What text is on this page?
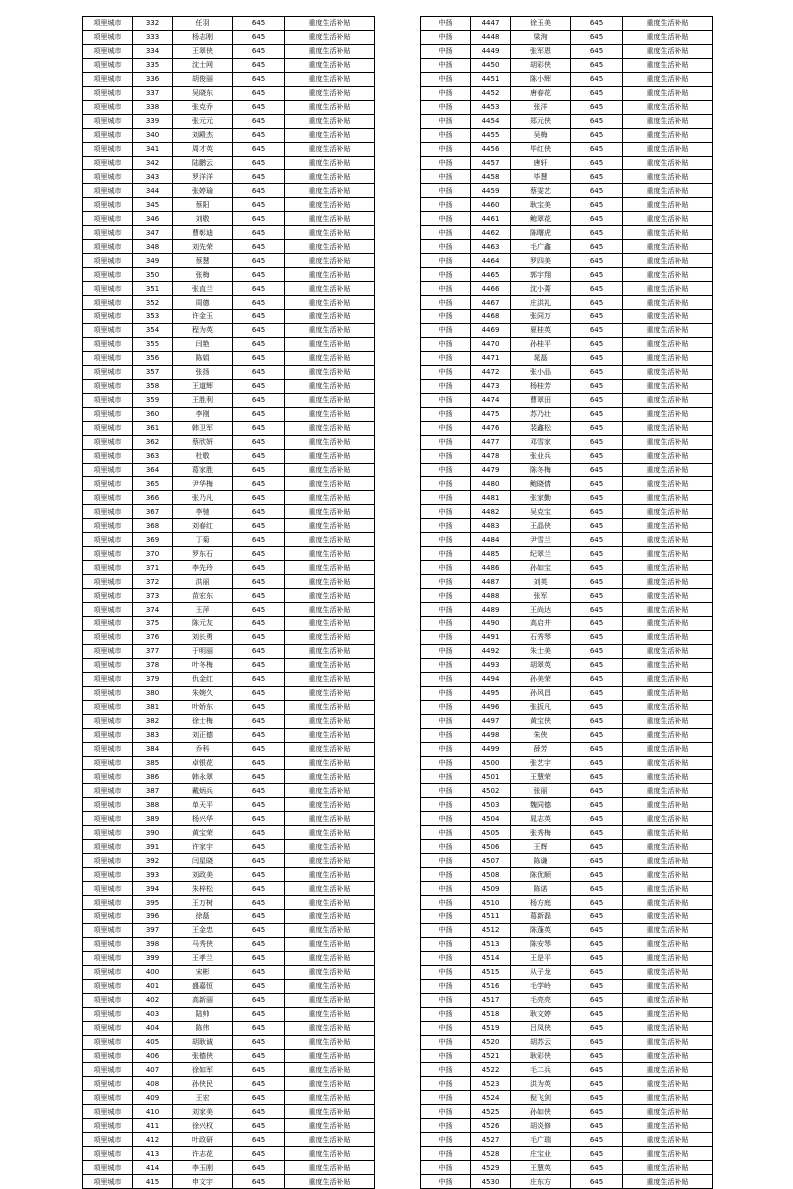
项里城市	332	任羽	645	重度生活补贴
项里城市	333	杨志刚	645	重度生活补贴
项里城市	334	王翠侠	645	重度生活补贴
项里城市	335	沈士网	645	重度生活补贴
项里城市	336	胡俊丽	645	重度生活补贴
项里城市	337	吴晓东	645	重度生活补贴
项里城市	338	张克乔	645	重度生活补贴
项里城市	339	张元元	645	重度生活补贴
项里城市	340	刘殿杰	645	重度生活补贴
项里城市	341	周才英	645	重度生活补贴
项里城市	342	陆鹏云	645	重度生活补贴
项里城市	343	罗洋洋	645	重度生活补贴
项里城市	344	张婷瑜	645	重度生活补贴
项里城市	345	蔡阳	645	重度生活补贴
项里城市	346	刘敬	645	重度生活补贴
项里城市	347	曹彰迪	645	重度生活补贴
项里城市	348	刘先荣	645	重度生活补贴
项里城市	349	蔡慧	645	重度生活补贴
项里城市	350	张梅	645	重度生活补贴
项里城市	351	张直兰	645	重度生活补贴
项里城市	352	周德	645	重度生活补贴
项里城市	353	许金玉	645	重度生活补贴
项里城市	354	程为英	645	重度生活补贴
项里城市	355	闫艳	645	重度生活补贴
项里城市	356	陈娟	645	重度生活补贴
项里城市	357	张扬	645	重度生活补贴
项里城市	358	王道辉	645	重度生活补贴
项里城市	359	王胜利	645	重度生活补贴
项里城市	360	李刚	645	重度生活补贴
项里城市	361	韩卫军	645	重度生活补贴
项里城市	362	蔡欣妍	645	重度生活补贴
项里城市	363	杜敬	645	重度生活补贴
项里城市	364	葛家胜	645	重度生活补贴
项里城市	365	尹华梅	645	重度生活补贴
项里城市	366	张乃凡	645	重度生活补贴
项里城市	367	李驰	645	重度生活补贴
项里城市	368	刘春红	645	重度生活补贴
项里城市	369	丁菊	645	重度生活补贴
项里城市	370	罗东石	645	重度生活补贴
项里城市	371	李先玲	645	重度生活补贴
项里城市	372	洪丽	645	重度生活补贴
项里城市	373	苗宏东	645	重度生活补贴
项里城市	374	王萍	645	重度生活补贴
项里城市	375	陈元友	645	重度生活补贴
项里城市	376	刘长勇	645	重度生活补贴
项里城市	377	于明丽	645	重度生活补贴
项里城市	378	叶冬梅	645	重度生活补贴
项里城市	379	仇金红	645	重度生活补贴
项里城市	380	朱婉久	645	重度生活补贴
项里城市	381	叶娇东	645	重度生活补贴
项里城市	382	徐士梅	645	重度生活补贴
项里城市	383	刘正德	645	重度生活补贴
项里城市	384	乔科	645	重度生活补贴
项里城市	385	卓银花	645	重度生活补贴
项里城市	386	韩永翠	645	重度生活补贴
项里城市	387	戴炳兵	645	重度生活补贴
项里城市	388	单天平	645	重度生活补贴
项里城市	389	杨兴华	645	重度生活补贴
项里城市	390	黄宝荣	645	重度生活补贴
项里城市	391	许家宇	645	重度生活补贴
项里城市	392	闫星晓	645	重度生活补贴
项里城市	393	刘政美	645	重度生活补贴
项里城市	394	朱梓松	645	重度生活补贴
项里城市	395	王万树	645	重度生活补贴
项里城市	396	徐磊	645	重度生活补贴
项里城市	397	王金忠	645	重度生活补贴
项里城市	398	马秀侠	645	重度生活补贴
项里城市	399	王孝兰	645	重度生活补贴
项里城市	400	宋彬	645	重度生活补贴
项里城市	401	盛嘉恒	645	重度生活补贴
项里城市	402	高新丽	645	重度生活补贴
项里城市	403	陆帅	645	重度生活补贴
项里城市	404	陈伟	645	重度生活补贴
项里城市	405	胡耿诚	645	重度生活补贴
项里城市	406	张德侠	645	重度生活补贴
项里城市	407	徐如军	645	重度生活补贴
项里城市	408	孙侠民	645	重度生活补贴
项里城市	409	王宏	645	重度生活补贴
项里城市	410	刘家美	645	重度生活补贴
项里城市	411	徐兴权	645	重度生活补贴
项里城市	412	叶政研	645	重度生活补贴
项里城市	413	许志花	645	重度生活补贴
项里城市	414	李玉刚	645	重度生活补贴
项里城市	415	申文宇	645	重度生活补贴
中扬	4447	徐玉美	645	重度生活补贴
中扬	4448	梁洵	645	重度生活补贴
中扬	4449	张军恩	645	重度生活补贴
中扬	4450	胡彩侠	645	重度生活补贴
中扬	4451	陈小辉	645	重度生活补贴
中扬	4452	唐春花	645	重度生活补贴
中扬	4453	张洋	645	重度生活补贴
中扬	4454	郑元侠	645	重度生活补贴
中扬	4455	吴梅	645	重度生活补贴
中扬	4456	毕红侠	645	重度生活补贴
中扬	4457	唐轩	645	重度生活补贴
中扬	4458	毕慧	645	重度生活补贴
中扬	4459	蔡雯艺	645	重度生活补贴
中扬	4460	耿宝美	645	重度生活补贴
中扬	4461	鲍翠花	645	重度生活补贴
中扬	4462	陈曙虎	645	重度生活补贴
中扬	4463	毛广鑫	645	重度生活补贴
中扬	4464	罗四美	645	重度生活补贴
中扬	4465	郭宇翔	645	重度生活补贴
中扬	4466	沈小菁	645	重度生活补贴
中扬	4467	庄洪礼	645	重度生活补贴
中扬	4468	张同万	645	重度生活补贴
中扬	4469	夏桂英	645	重度生活补贴
中扬	4470	孙桂平	645	重度生活补贴
中扬	4471	晁磊	645	重度生活补贴
中扬	4472	张小品	645	重度生活补贴
中扬	4473	杨桂芳	645	重度生活补贴
中扬	4474	曹翠田	645	重度生活补贴
中扬	4475	苏乃壮	645	重度生活补贴
中扬	4476	裴鑫松	645	重度生活补贴
中扬	4477	邓雪家	645	重度生活补贴
中扬	4478	张业兵	645	重度生活补贴
中扬	4479	陈冬梅	645	重度生活补贴
中扬	4480	鲍晓倩	645	重度生活补贴
中扬	4481	张家勤	645	重度生活补贴
中扬	4482	吴克宝	645	重度生活补贴
中扬	4483	王晶侠	645	重度生活补贴
中扬	4484	尹雪兰	645	重度生活补贴
中扬	4485	纪翠兰	645	重度生活补贴
中扬	4486	孙如宝	645	重度生活补贴
中扬	4487	刘英	645	重度生活补贴
中扬	4488	张军	645	重度生活补贴
中扬	4489	王尚达	645	重度生活补贴
中扬	4490	高启井	645	重度生活补贴
中扬	4491	石秀琴	645	重度生活补贴
中扬	4492	朱士美	645	重度生活补贴
中扬	4493	胡翠英	645	重度生活补贴
中扬	4494	孙美荣	645	重度生活补贴
中扬	4495	孙风昌	645	重度生活补贴
中扬	4496	张扳凡	645	重度生活补贴
中扬	4497	黄宝侠	645	重度生活补贴
中扬	4498	朱侠	645	重度生活补贴
中扬	4499	薛芳	645	重度生活补贴
中扬	4500	张艺宇	645	重度生活补贴
中扬	4501	王慧荣	645	重度生活补贴
中扬	4502	张丽	645	重度生活补贴
中扬	4503	魏同德	645	重度生活补贴
中扬	4504	晁志英	645	重度生活补贴
中扬	4505	张秀梅	645	重度生活补贴
中扬	4506	王辉	645	重度生活补贴
中扬	4507	陈谦	645	重度生活补贴
中扬	4508	陈优顺	645	重度生活补贴
中扬	4509	陈诺	645	重度生活补贴
中扬	4510	杨方庭	645	重度生活补贴
中扬	4511	葛新磊	645	重度生活补贴
中扬	4512	陈蓬英	645	重度生活补贴
中扬	4513	陈安琴	645	重度生活补贴
中扬	4514	王是平	645	重度生活补贴
中扬	4515	从子龙	645	重度生活补贴
中扬	4516	毛学岭	645	重度生活补贴
中扬	4517	毛亮亮	645	重度生活补贴
中扬	4518	耿文婷	645	重度生活补贴
中扬	4519	吕凤侠	645	重度生活补贴
中扬	4520	胡苏云	645	重度生活补贴
中扬	4521	耿彩侠	645	重度生活补贴
中扬	4522	毛二兵	645	重度生活补贴
中扬	4523	洪为英	645	重度生活补贴
中扬	4524	倪飞剑	645	重度生活补贴
中扬	4525	孙如侠	645	重度生活补贴
中扬	4526	胡炎修	645	重度生活补贴
中扬	4527	毛广瑞	645	重度生活补贴
中扬	4528	庄宝业	645	重度生活补贴
中扬	4529	王慧英	645	重度生活补贴
中扬	4530	庄东方	645	重度生活补贴
